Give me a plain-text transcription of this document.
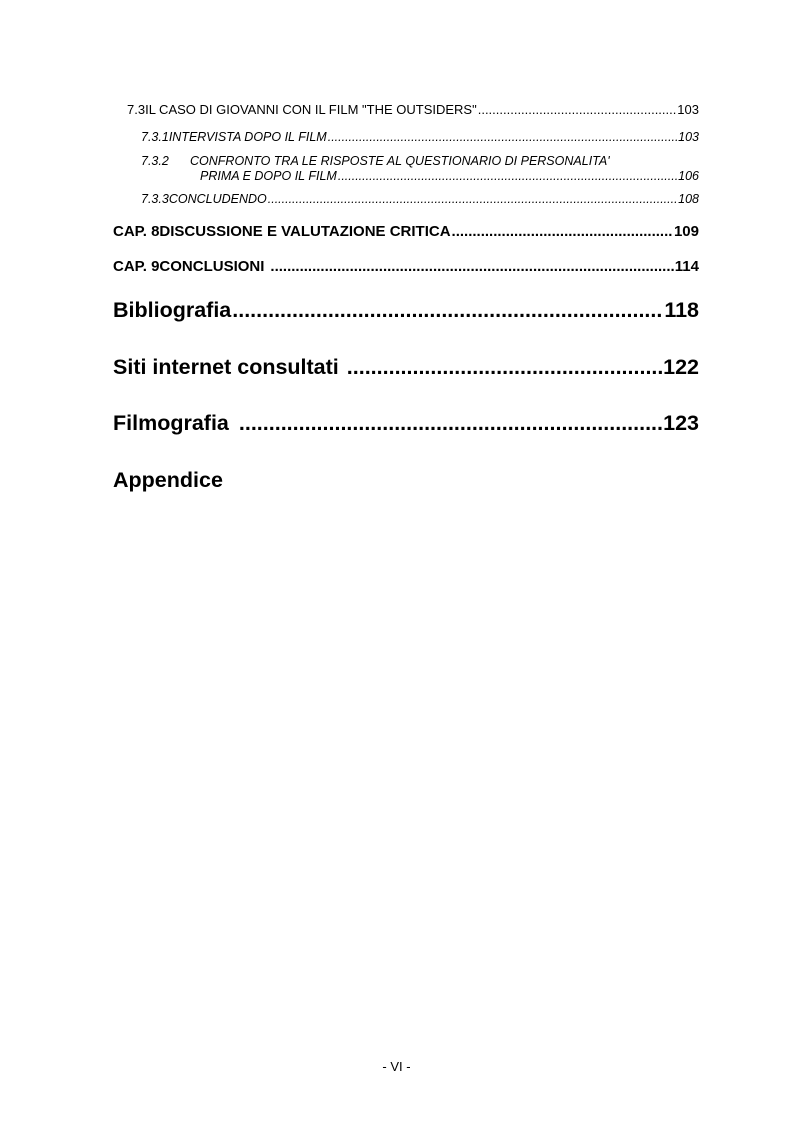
7.3 IL CASO DI GIOVANNI CON IL FILM "THE OUTSIDERS" .....	103
7.3.1 INTERVISTA DOPO IL FILM .....	103
7.3.2	CONFRONTO TRA LE RISPOSTE AL QUESTIONARIO DI PERSONALITA'
PRIMA E DOPO IL FILM .....	106
7.3.3 CONCLUDENDO .....	108
CAP. 8 DISCUSSIONE E VALUTAZIONE CRITICA .....	109
CAP. 9 CONCLUSIONI .....	114
Bibliografia .....	118
Siti internet consultati .....	122
Filmografia .....	123
Appendice
- VI -
